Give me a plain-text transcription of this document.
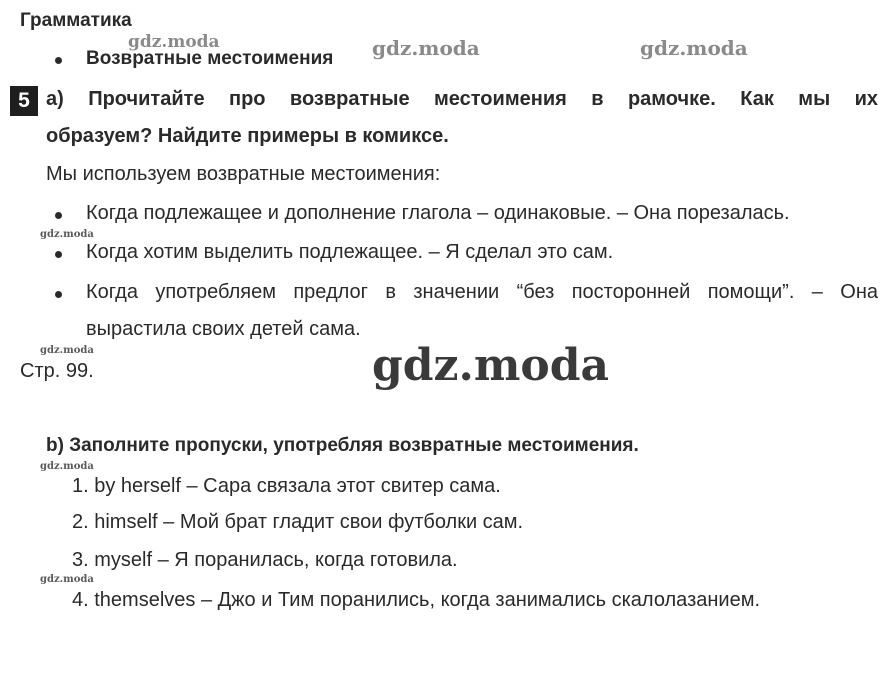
Грамматика
Возвратные местоимения
5 а) Прочитайте про возвратные местоимения в рамочке. Как мы их
образуем? Найдите примеры в комиксе.
Мы используем возвратные местоимения:
Когда подлежащее и дополнение глагола – одинаковые. – Она порезалась.
Когда хотим выделить подлежащее. – Я сделал это сам.
Когда употребляем предлог в значении “без посторонней помощи”. – Она
вырастила своих детей сама.
Стр. 99.
b) Заполните пропуски, употребляя возвратные местоимения.
1. by herself – Сара связала этот свитер сама.
2. himself – Мой брат гладит свои футболки сам.
3. myself – Я поранилась, когда готовила.
4. themselves – Джо и Тим поранились, когда занимались скалолазанием.
gdz.moda	gdz.moda	gdz.moda
gdz.moda
gdz.moda	gdz.moda
gdz.moda
gdz.moda
